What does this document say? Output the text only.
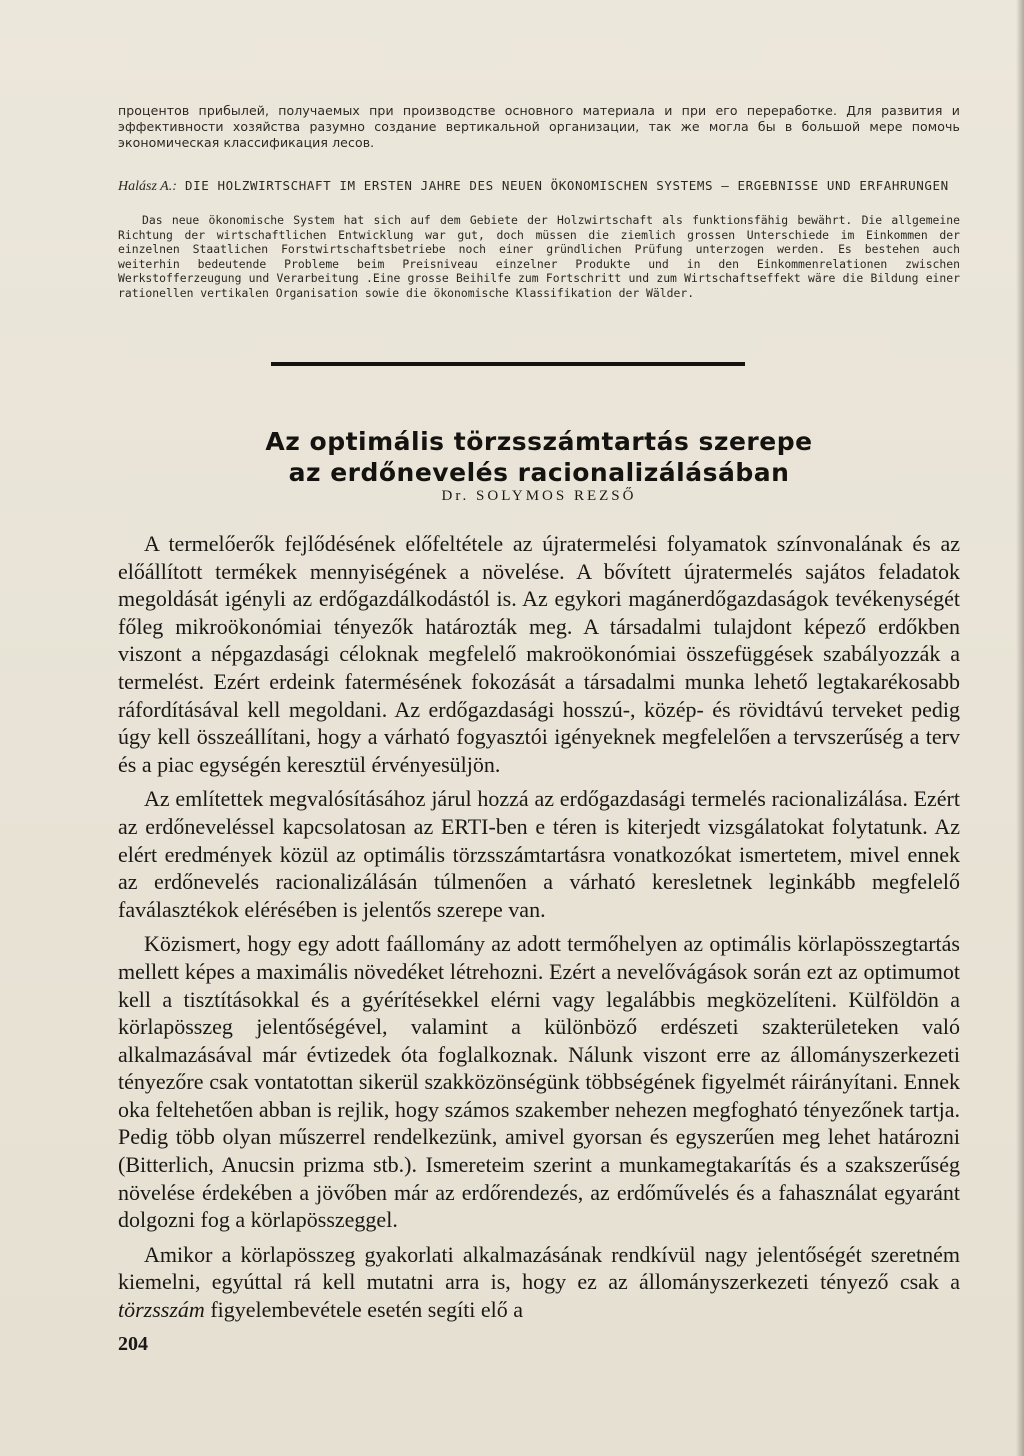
процентов прибылей, получаемых при производстве основного материала и при его переработке. Для развития и эффективности хозяйства разумно создание вертикальной организации, так же могла бы в большой мере помочь экономическая классификация лесов.
Halász A.: DIE HOLZWIRTSCHAFT IM ERSTEN JAHRE DES NEUEN ÖKONOMISCHEN SYSTEMS — ERGEBNISSE UND ERFAHRUNGEN

Das neue ökonomische System hat sich auf dem Gebiete der Holzwirtschaft als funktionsfähig bewährt. Die allgemeine Richtung der wirtschaftlichen Entwicklung war gut, doch müssen die ziemlich grossen Unterschiede im Einkommen der einzelnen Staatlichen Forstwirtschaftsbetriebe noch einer gründlichen Prüfung unterzogen werden. Es bestehen auch weiterhin bedeutende Probleme beim Preisniveau einzelner Produkte und in den Einkommenrelationen zwischen Werkstofferzeugung und Verarbeitung .Eine grosse Beihilfe zum Fortschritt und zum Wirtschaftseffekt wäre die Bildung einer rationellen vertikalen Organisation sowie die ökonomische Klassifikation der Wälder.

Az optimális törzsszámtartás szerepe
az erdőnevelés racionalizálásában
Dr. SOLYMOS REZSŐ

A termelőerők fejlődésének előfeltétele az újratermelési folyamatok színvonalának és az előállított termékek mennyiségének a növelése. A bővített újratermelés sajátos feladatok megoldását igényli az erdőgazdálkodástól is. Az egykori magánerdőgazdaságok tevékenységét főleg mikroökonómiai tényezők határozták meg. A társadalmi tulajdont képező erdőkben viszont a népgazdasági céloknak megfelelő makroökonómiai összefüggések szabályozzák a termelést. Ezért erdeink fatermésének fokozását a társadalmi munka lehető legtakarékosabb ráfordításával kell megoldani. Az erdőgazdasági hosszú-, közép- és rövidtávú terveket pedig úgy kell összeállítani, hogy a várható fogyasztói igényeknek megfelelően a tervszerűség a terv és a piac egységén keresztül érvényesüljön.

Az említettek megvalósításához járul hozzá az erdőgazdasági termelés racionalizálása. Ezért az erdőneveléssel kapcsolatosan az ERTI-ben e téren is kiterjedt vizsgálatokat folytatunk. Az elért eredmények közül az optimális törzsszámtartásra vonatkozókat ismertetem, mivel ennek az erdőnevelés racionalizálásán túlmenően a várható keresletnek leginkább megfelelő faválasztékok elérésében is jelentős szerepe van.

Közismert, hogy egy adott faállomány az adott termőhelyen az optimális körlapösszegtartás mellett képes a maximális növedéket létrehozni. Ezért a nevelővágások során ezt az optimumot kell a tisztításokkal és a gyérítésekkel elérni vagy legalábbis megközelíteni. Külföldön a körlapösszeg jelentőségével, valamint a különböző erdészeti szakterületeken való alkalmazásával már évtizedek óta foglalkoznak. Nálunk viszont erre az állományszerkezeti tényezőre csak vontatottan sikerül szakközönségünk többségének figyelmét ráirányítani. Ennek oka feltehetően abban is rejlik, hogy számos szakember nehezen megfogható tényezőnek tartja. Pedig több olyan műszerrel rendelkezünk, amivel gyorsan és egyszerűen meg lehet határozni (Bitterlich, Anucsin prizma stb.). Ismereteim szerint a munkamegtakarítás és a szakszerűség növelése érdekében a jövőben már az erdőrendezés, az erdőművelés és a fahasználat egyaránt dolgozni fog a körlapösszeggel.

Amikor a körlapösszeg gyakorlati alkalmazásának rendkívül nagy jelentőségét szeretném kiemelni, egyúttal rá kell mutatni arra is, hogy ez az állományszerkezeti tényező csak a törzsszám figyelembevétele esetén segíti elő a

204
